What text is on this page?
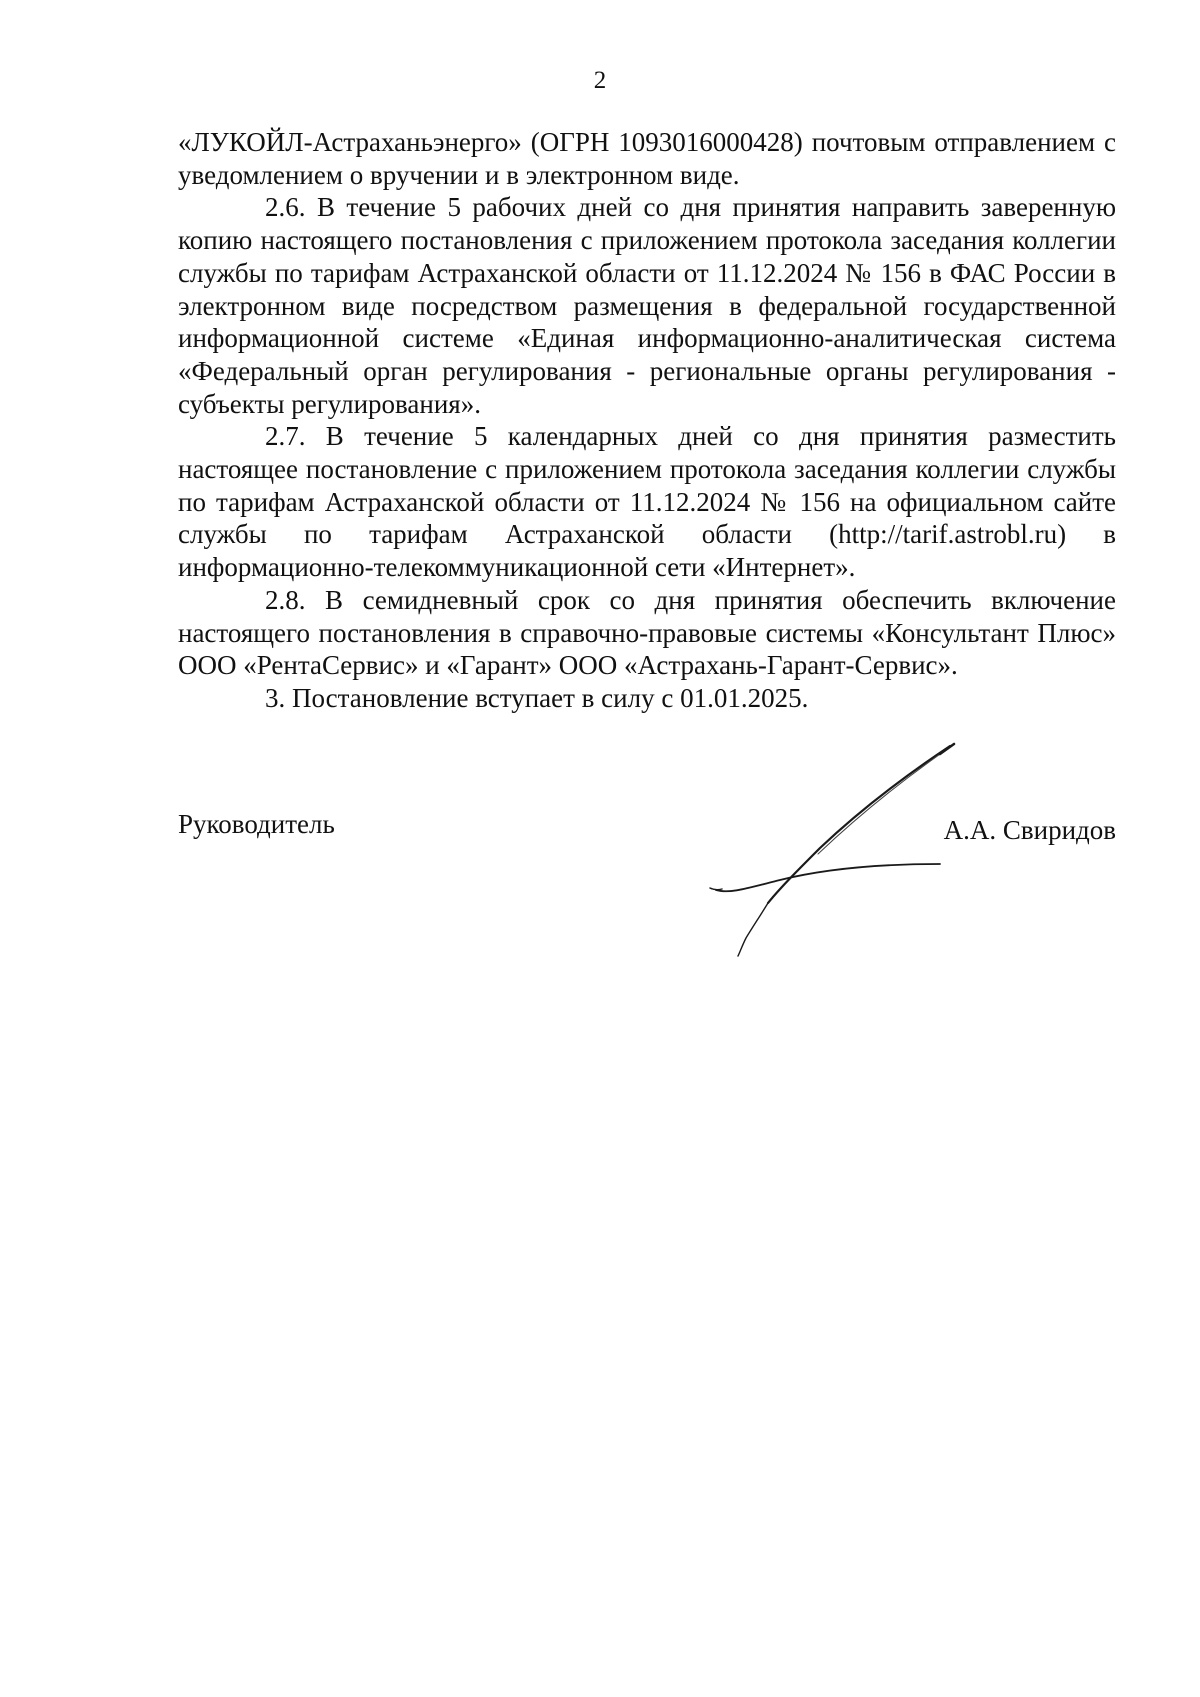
2

«ЛУКОЙЛ-Астраханьэнерго» (ОГРН 1093016000428) почтовым отправлением с уведомлением о вручении и в электронном виде.

2.6. В течение 5 рабочих дней со дня принятия направить заверенную копию настоящего постановления с приложением протокола заседания коллегии службы по тарифам Астраханской области от 11.12.2024 № 156 в ФАС России в электронном виде посредством размещения в федеральной государственной информационной системе «Единая информационно-аналитическая система «Федеральный орган регулирования - региональные органы регулирования - субъекты регулирования».

2.7. В течение 5 календарных дней со дня принятия разместить настоящее постановление с приложением протокола заседания коллегии службы по тарифам Астраханской области от 11.12.2024 № 156 на официальном сайте службы по тарифам Астраханской области (http://tarif.astrobl.ru) в информационно-телекоммуникационной сети «Интернет».

2.8. В семидневный срок со дня принятия обеспечить включение настоящего постановления в справочно-правовые системы «Консультант Плюс» ООО «РентаСервис» и «Гарант» ООО «Астрахань-Гарант-Сервис».

3. Постановление вступает в силу с 01.01.2025.

Руководитель	А.А. Свиридов
